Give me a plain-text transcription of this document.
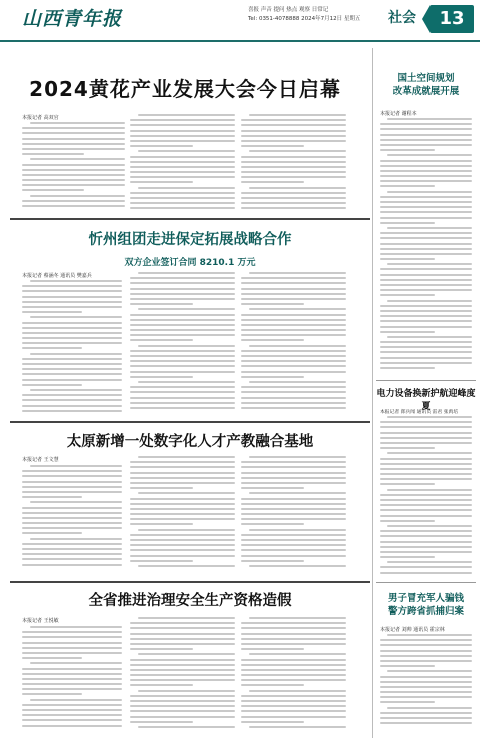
山西青年报	喜报 声音 提问 热点 观察 日常记
Tel: 0351-4078888 2024年7月12日 星期五 社会	13
2024黄花产业发展大会今日启幕
本报记者 高双官
忻州组团走进保定拓展战略合作
双方企业签订合同 8210.1 万元
本报记者 蔡涵冬 通讯员 樊嘉兵
太原新增一处数字化人才产教融合基地
本报记者 王文慧
全省推进治理安全生产资格造假
本报记者 王悦敏
国土空间规划
改革成就展开展
本报记者 谢程本
电力设备换新护航迎峰度夏
本报记者 郎兵闻 通讯员 雷君 张禹培
男子冒充军人骗钱
警方跨省抓捕归案
本报记者 刘帅 通讯员 霍宗林
